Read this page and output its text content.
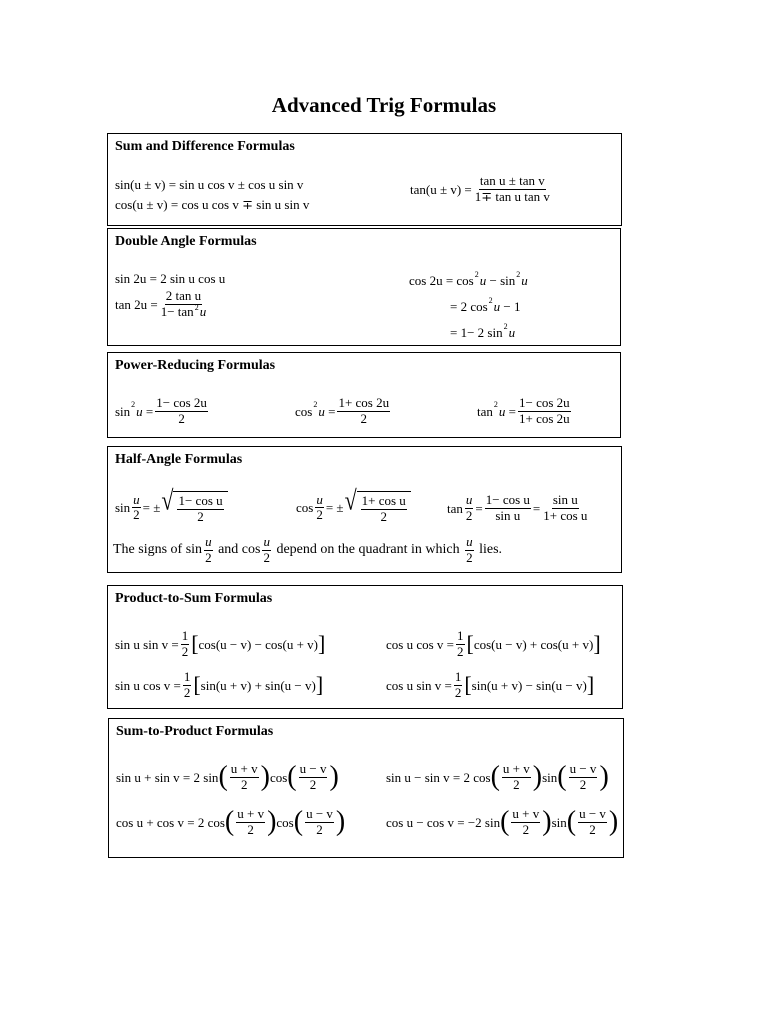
Advanced Trig Formulas
Sum and Difference Formulas
sin(u ± v) = sin u cos v ± cos u sin v
cos(u ± v) = cos u cos v ∓ sin u sin v
$\tan(u \pm v) = \frac{\text{tan u ± tan v}}{\text{1∓ tan u tan v}}$
Double Angle Formulas
sin 2u = 2 sin u cos u
$\tan 2u = \frac{\text{2 tan u}}{1- \tan^2u}$
cos 2u = cos 2 u − sin 2 u
= 2 cos 2 u − 1
= 1− 2 sin 2 u
Power-Reducing Formulas
sin 2 $u = \frac{1- \cos 2u}{2}$	cos 2 $u = \frac{1+ \cos 2u}{2}$	tan 2 $u = \frac{1- \cos 2u}{1+ \cos 2u}$
Half-Angle Formulas
$\sin \frac{u}{2}$ = ± √ $\frac{\text{1− cos u}}{2}$	$\cos \frac{u}{2}$ = ± √ $\frac{\text{1+ cos u}}{2}$	$\tan \frac{u}{2} = \frac{\text{1− cos u}}{\text{sin u}} = \frac{\text{sin u}}{\text{1+ cos u}}$
The signs of
$\sin \frac{u}{2}$
and
$\cos \frac{u}{2}$
depend on the quadrant in which
$\frac{u}{2}$
lies.
Product-to-Sum Formulas
sin u $\sin v = \frac{1}{2}$ [ cos(u − v) − cos(u + v) ]
sin u $\cos v = \frac{1}{2}$ [ sin(u + v) + sin(u − v) ]
cos u $\cos v = \frac{1}{2}$ [ cos(u − v) + cos(u + v) ]
cos u $\sin v = \frac{1}{2}$ [ sin(u + v) − sin(u − v) ]
Sum-to-Product Formulas
sin u + sin v = 2 sin ( $\frac{u + v}{2}$ ) cos ( $\frac{u - v}{2}$ )
cos u + cos v = 2 cos ( $\frac{u + v}{2}$ ) cos ( $\frac{u - v}{2}$ )
sin u − sin v = 2 cos ( $\frac{u + v}{2}$ ) sin ( $\frac{u - v}{2}$ )
cos u − cos v = −2 sin ( $\frac{u + v}{2}$ ) sin ( $\frac{u - v}{2}$ )
